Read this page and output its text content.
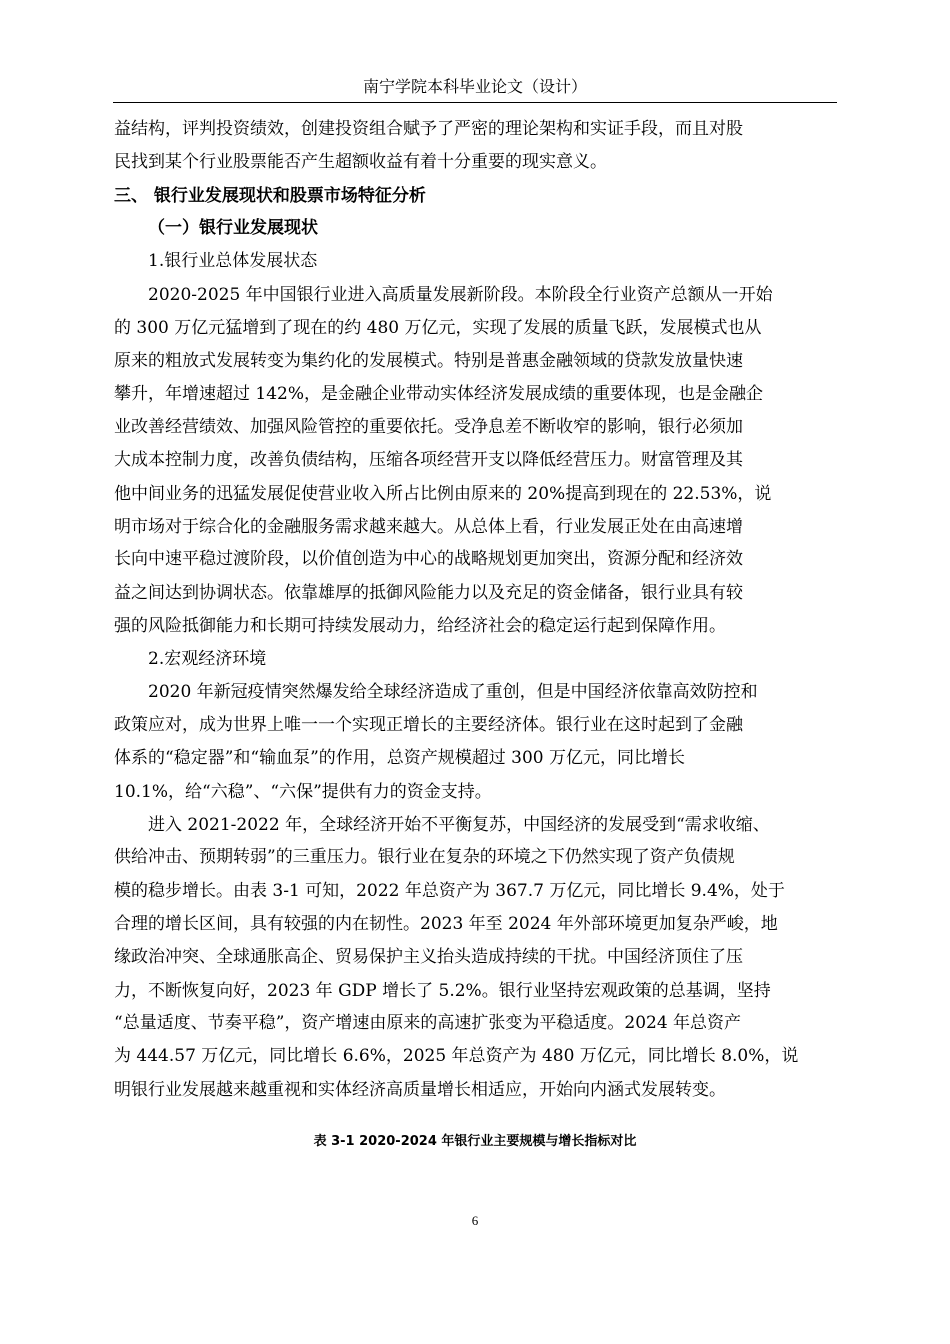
南宁学院本科毕业论文（设计）
益结构，评判投资绩效，创建投资组合赋予了严密的理论架构和实证手段，而且对股
民找到某个行业股票能否产生超额收益有着十分重要的现实意义。
三、 银行业发展现状和股票市场特征分析
（一）银行业发展现状
1.银行业总体发展状态
2020-2025 年中国银行业进入高质量发展新阶段。本阶段全行业资产总额从一开始
的 300 万亿元猛增到了现在的约 480 万亿元，实现了发展的质量飞跃，发展模式也从
原来的粗放式发展转变为集约化的发展模式。特别是普惠金融领域的贷款发放量快速
攀升，年增速超过 142%，是金融企业带动实体经济发展成绩的重要体现，也是金融企
业改善经营绩效、加强风险管控的重要依托。受净息差不断收窄的影响，银行必须加
大成本控制力度，改善负债结构，压缩各项经营开支以降低经营压力。财富管理及其
他中间业务的迅猛发展促使营业收入所占比例由原来的 20%提高到现在的 22.53%，说
明市场对于综合化的金融服务需求越来越大。从总体上看，行业发展正处在由高速增
长向中速平稳过渡阶段，以价值创造为中心的战略规划更加突出，资源分配和经济效
益之间达到协调状态。依靠雄厚的抵御风险能力以及充足的资金储备，银行业具有较
强的风险抵御能力和长期可持续发展动力，给经济社会的稳定运行起到保障作用。
2.宏观经济环境
2020 年新冠疫情突然爆发给全球经济造成了重创，但是中国经济依靠高效防控和
政策应对，成为世界上唯一一个实现正增长的主要经济体。银行业在这时起到了金融
体系的“稳定器”和“输血泵”的作用，总资产规模超过 300 万亿元，同比增长
10.1%，给“六稳”、“六保”提供有力的资金支持。
进入 2021-2022 年，全球经济开始不平衡复苏，中国经济的发展受到“需求收缩、
供给冲击、预期转弱”的三重压力。银行业在复杂的环境之下仍然实现了资产负债规
模的稳步增长。由表 3-1 可知，2022 年总资产为 367.7 万亿元，同比增长 9.4%，处于
合理的增长区间，具有较强的内在韧性。2023 年至 2024 年外部环境更加复杂严峻，地
缘政治冲突、全球通胀高企、贸易保护主义抬头造成持续的干扰。中国经济顶住了压
力，不断恢复向好，2023 年 GDP 增长了 5.2%。银行业坚持宏观政策的总基调，坚持
“总量适度、节奏平稳”，资产增速由原来的高速扩张变为平稳适度。2024 年总资产
为 444.57 万亿元，同比增长 6.6%，2025 年总资产为 480 万亿元，同比增长 8.0%，说
明银行业发展越来越重视和实体经济高质量增长相适应，开始向内涵式发展转变。
表 3-1 2020-2024 年银行业主要规模与增长指标对比
6
